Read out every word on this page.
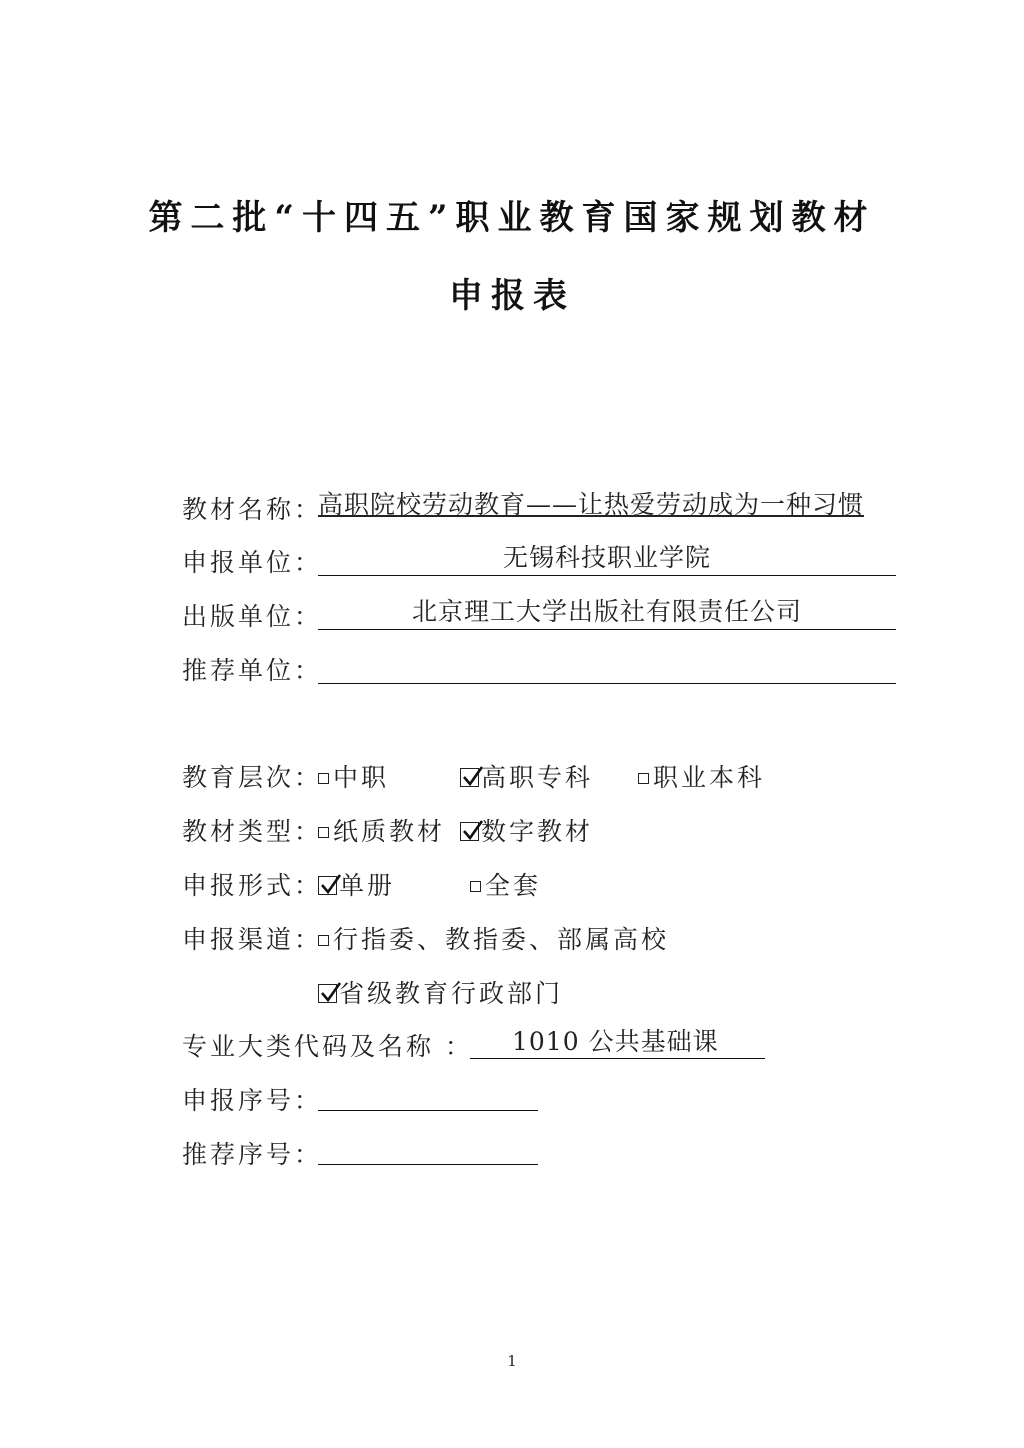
第二批“十四五”职业教育国家规划教材
申报表
教材名称：
高职院校劳动教育——让热爱劳动成为一种习惯
申报单位：	无锡科技职业学院
出版单位：	北京理工大学出版社有限责任公司
推荐单位：
教育层次： 中职	高职专科	职业本科
教材类型： 纸质教材	数字教材
申报形式： 单册	全套
申报渠道： 行指委、教指委、部属高校
省级教育行政部门
专业大类代码及名称 ：	1010 公共基础课
申报序号：
推荐序号：
1
